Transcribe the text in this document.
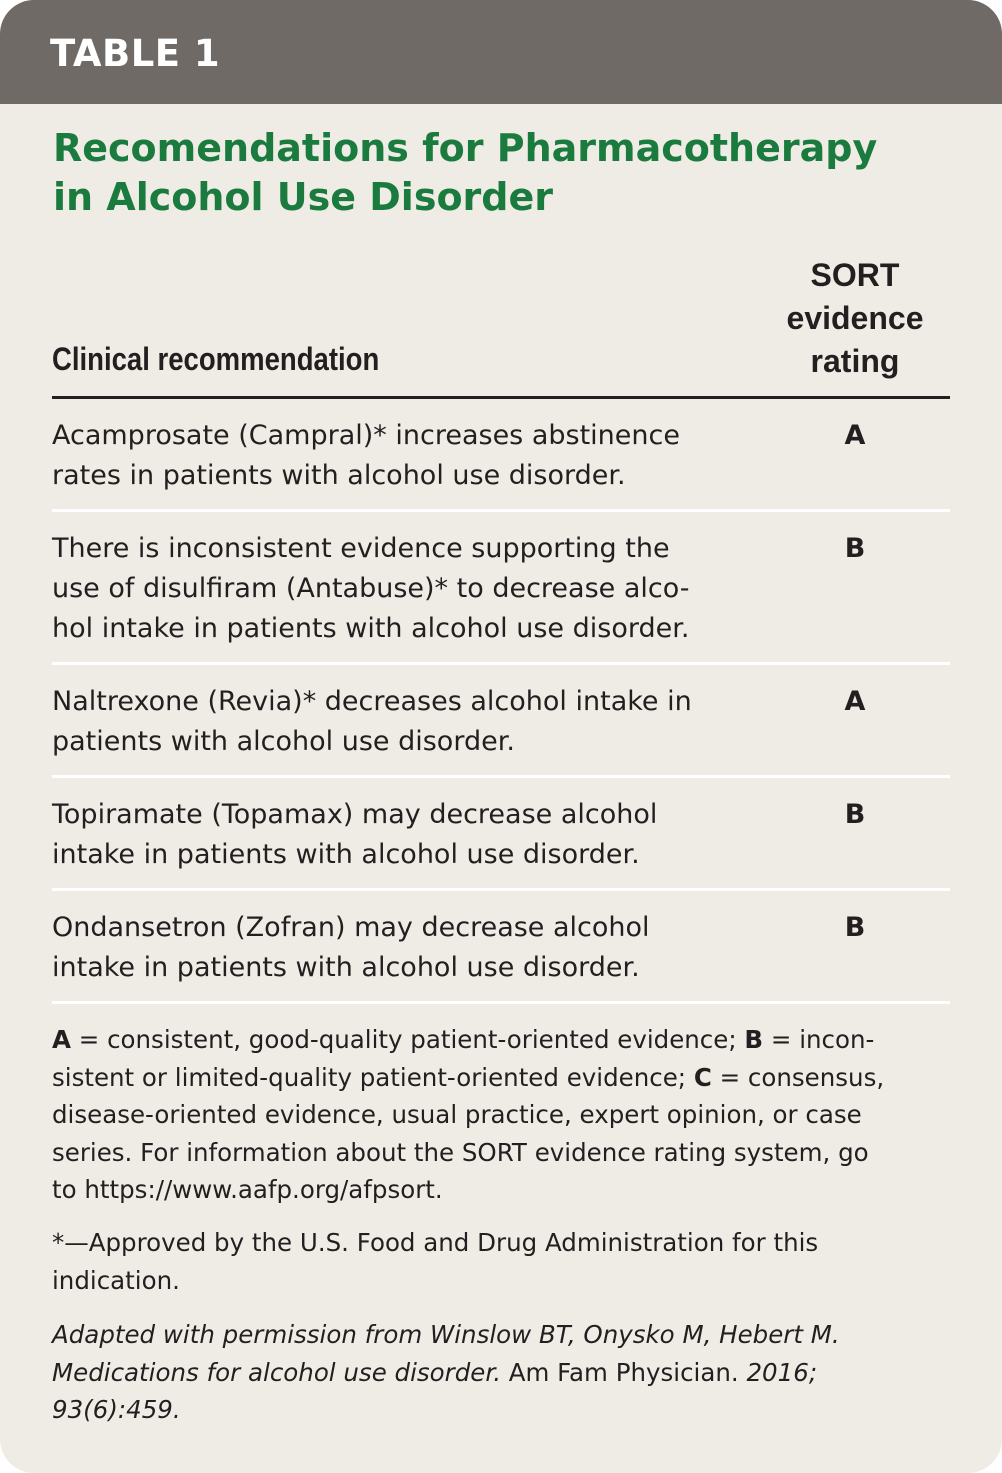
TABLE 1
Recomendations for Pharmacotherapy
in Alcohol Use Disorder
Clinical recommendation
SORT
evidence
rating
Acamprosate (Campral)* increases abstinence
rates in patients with alcohol use disorder.
A
There is inconsistent evidence supporting the
use of disulfiram (Antabuse)* to decrease alco-
hol intake in patients with alcohol use disorder.
B
Naltrexone (Revia)* decreases alcohol intake in
patients with alcohol use disorder.
A
Topiramate (Topamax) may decrease alcohol
intake in patients with alcohol use disorder.
B
Ondansetron (Zofran) may decrease alcohol
intake in patients with alcohol use disorder.
B
A = consistent, good-quality patient-oriented evidence; B = incon-
sistent or limited-quality patient-oriented evidence; C = consensus,
disease-oriented evidence, usual practice, expert opinion, or case
series. For information about the SORT evidence rating system, go
to https://www.aafp.org/afpsort.
*—Approved by the U.S. Food and Drug Administration for this
indication.
Adapted with permission from Winslow BT, Onysko M, Hebert M.
Medications for alcohol use disorder. Am Fam Physician. 2016;
93(6):459.
